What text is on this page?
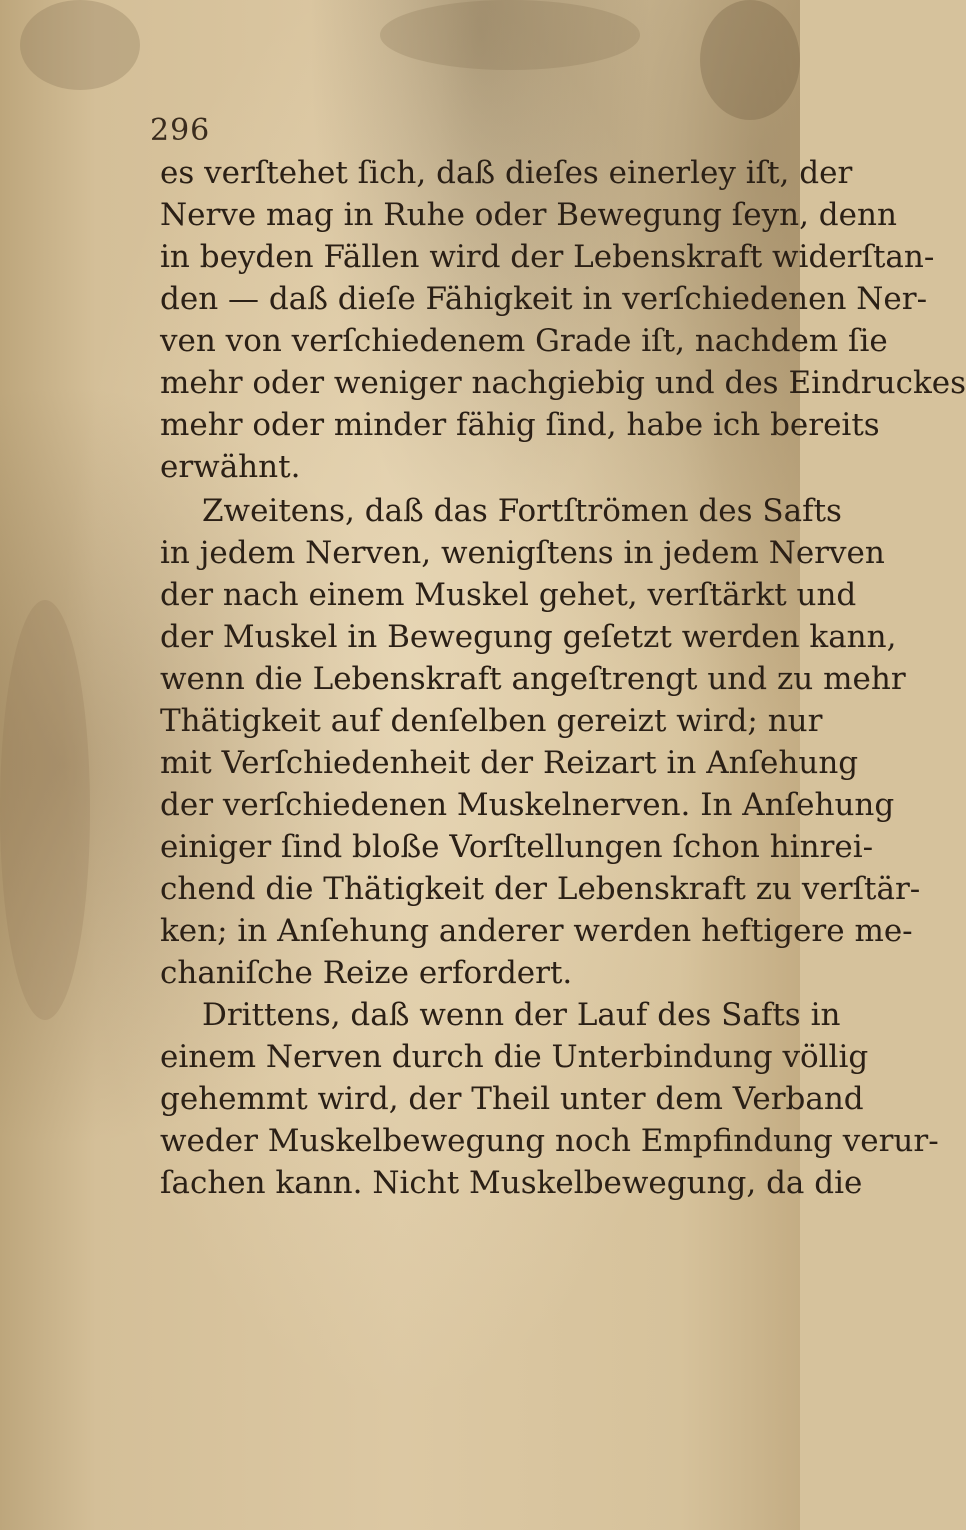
296
es verſtehet ſich, daß dieſes einerley iſt, der
Nerve mag in Ruhe oder Bewegung ſeyn, denn
in beyden Fällen wird der Lebenskraft widerſtan-
den — daß dieſe Fähigkeit in verſchiedenen Ner-
ven von verſchiedenem Grade iſt, nachdem ſie
mehr oder weniger nachgiebig und des Eindruckes
mehr oder minder fähig ſind, habe ich bereits
erwähnt.
Zweitens, daß das Fortſtrömen des Safts
in jedem Nerven, wenigſtens in jedem Nerven
der nach einem Muskel gehet, verſtärkt und
der Muskel in Bewegung geſetzt werden kann,
wenn die Lebenskraft angeſtrengt und zu mehr
Thätigkeit auf denſelben gereizt wird; nur
mit Verſchiedenheit der Reizart in Anſehung
der verſchiedenen Muskelnerven. In Anſehung
einiger ſind bloße Vorſtellungen ſchon hinrei-
chend die Thätigkeit der Lebenskraft zu verſtär-
ken; in Anſehung anderer werden heftigere me-
chaniſche Reize erfordert.
Drittens, daß wenn der Lauf des Safts in
einem Nerven durch die Unterbindung völlig
gehemmt wird, der Theil unter dem Verband
weder Muskelbewegung noch Empfindung verur-
ſachen kann. Nicht Muskelbewegung, da die
